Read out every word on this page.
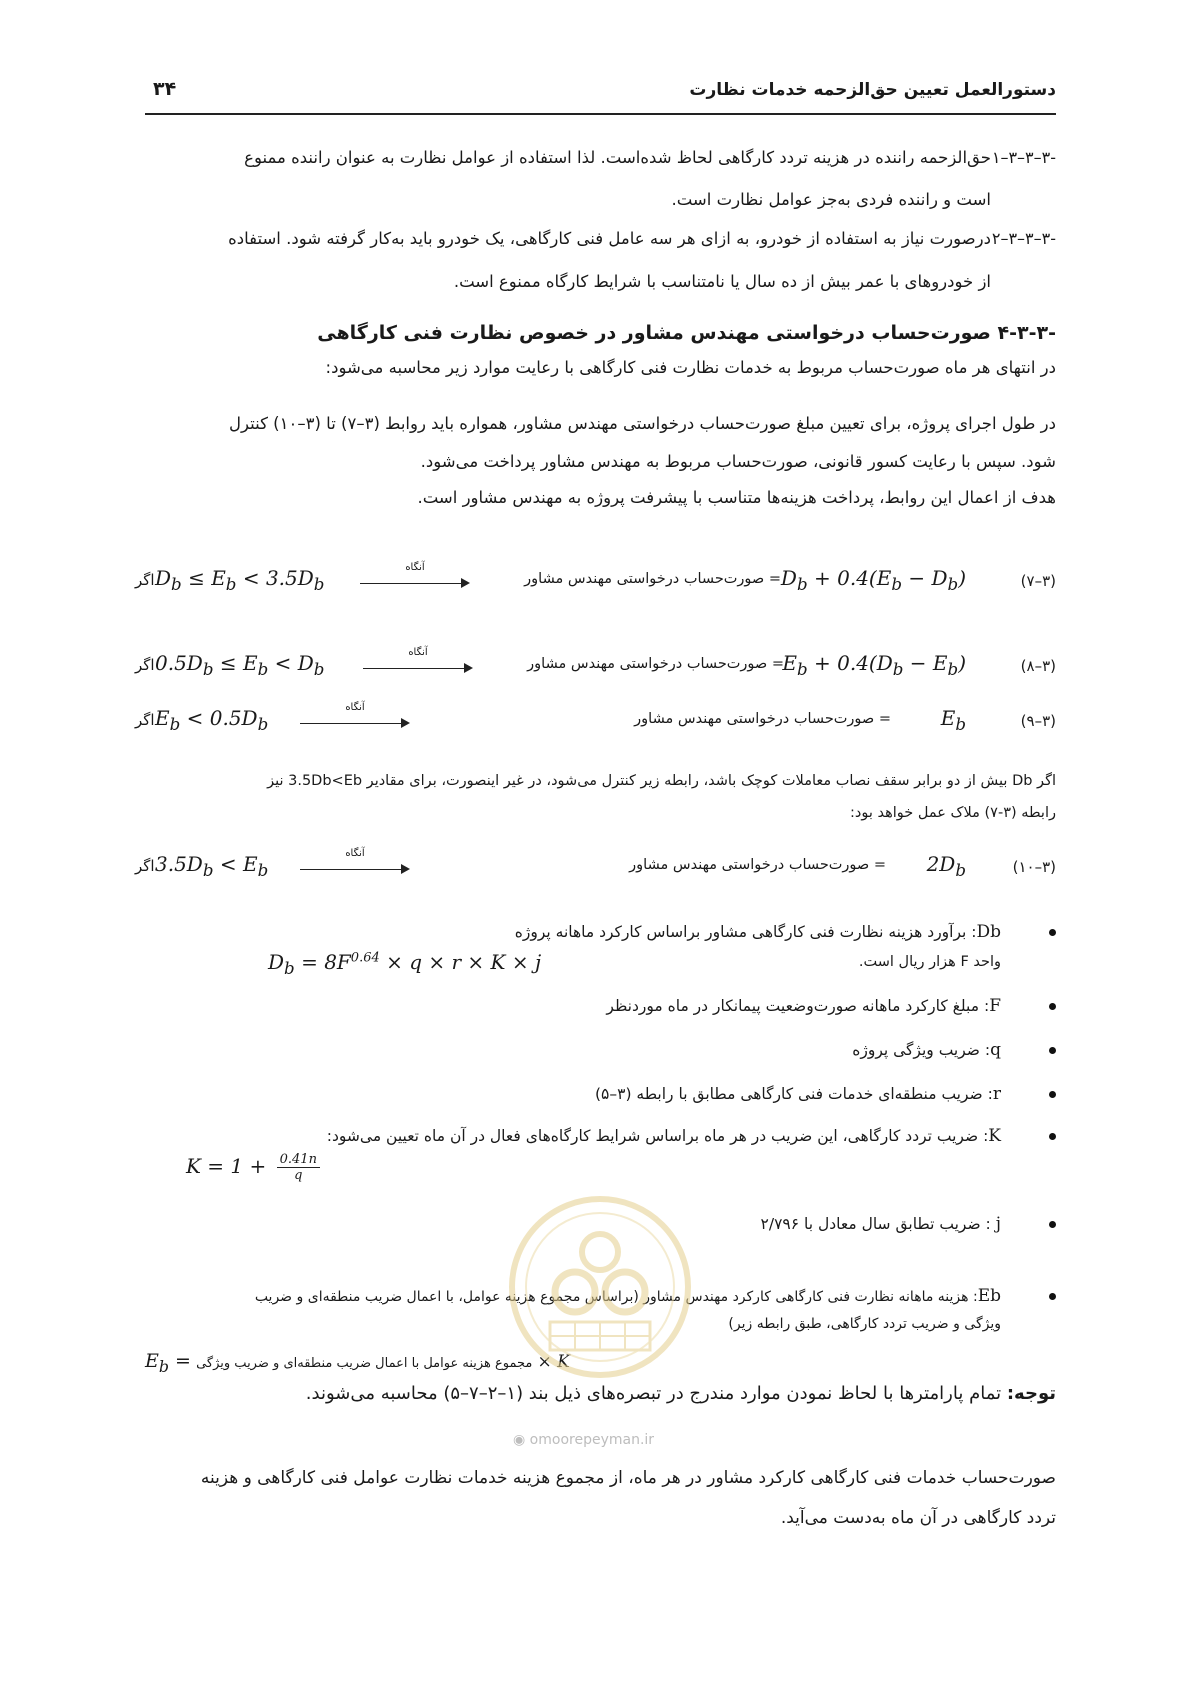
دستورالعمل تعیین حق‌الزحمه خدمات نظارت
۳۴
۱–۳–۳–۳-
حق‌الزحمه راننده در هزینه تردد کارگاهی لحاظ شده‌است. لذا استفاده از عوامل نظارت به عنوان راننده ممنوع
است و راننده فردی به‌جز عوامل نظارت است.
۲–۳–۳–۳-
درصورت نیاز به استفاده از خودرو، به ازای هر سه عامل فنی کارگاهی، یک خودرو باید به‌کار گرفته شود. استفاده
از خودروهای با عمر بیش از ده سال یا نامتناسب با شرایط کارگاه ممنوع است.
۴-۳-۳- صورت‌حساب درخواستی مهندس مشاور در خصوص نظارت فنی کارگاهی
در انتهای هر ماه صورت‌حساب مربوط به خدمات نظارت فنی کارگاهی با رعایت موارد زیر محاسبه می‌شود:
در طول اجرای پروژه، برای تعیین مبلغ صورت‌حساب درخواستی مهندس مشاور، همواره باید روابط (۳–۷) تا (۳–۱۰) کنترل
شود. سپس با رعایت کسور قانونی، صورت‌حساب مربوط به مهندس مشاور پرداخت می‌شود.
هدف از اعمال این روابط، پرداخت هزینه‌ها متناسب با پیشرفت پروژه به مهندس مشاور است.
(۳–۷)
$D_b + 0.4(E_b - D_b)$
= صورت‌حساب درخواستی مهندس مشاور
آنگاه
$D_b \le E_b < 3.5D_b$
اگر
(۳–۸)
$E_b + 0.4(D_b - E_b)$
= صورت‌حساب درخواستی مهندس مشاور
آنگاه
$0.5D_b \le E_b < D_b$
اگر
(۳–۹)
$E_b$
= صورت‌حساب درخواستی مهندس مشاور
آنگاه
$E_b < 0.5D_b$
اگر
اگر Db بیش از دو برابر سقف نصاب معاملات کوچک باشد، رابطه زیر کنترل می‌شود، در غیر اینصورت، برای مقادیر 3.5Db<Eb نیز
رابطه (۳-۷) ملاک عمل خواهد بود:
(۳–۱۰)
$2D_b$
= صورت‌حساب درخواستی مهندس مشاور
آنگاه
$3.5D_b < E_b$
اگر
Db: برآورد هزینه نظارت فنی کارگاهی مشاور براساس کارکرد ماهانه پروژه
$D_b = 8F^{0.64} \times q \times r \times K \times j$	واحد F هزار ریال است.
F: مبلغ کارکرد ماهانه صورت‌وضعیت پیمانکار در ماه موردنظر
q: ضریب ویژگی پروژه
r: ضریب منطقه‌ای خدمات فنی کارگاهی مطابق با رابطه (۳–۵)
K: ضریب تردد کارگاهی، این ضریب در هر ماه براساس شرایط کارگاه‌های فعال در آن ماه تعیین می‌شود:
$K = 1 + \frac{0.41n}{q}$
j : ضریب تطابق سال معادل با ۲/۷۹۶
Eb: هزینه ماهانه نظارت فنی کارگاهی کارکرد مهندس مشاور (براساس مجموع هزینه عوامل، با اعمال ضریب منطقه‌ای و ضریب
ویژگی و ضریب تردد کارگاهی، طبق رابطه زیر)
$E_b$ = مجموع هزینه عوامل با اعمال ضریب منطقه‌ای و ضریب ویژگی × K
توجه: تمام پارامترها با لحاظ نمودن موارد مندرج در تبصره‌های ذیل بند (۱–۲–۷–۵) محاسبه می‌شوند.
صورت‌حساب خدمات فنی کارگاهی کارکرد مشاور در هر ماه، از مجموع هزینه خدمات نظارت عوامل فنی کارگاهی و هزینه
تردد کارگاهی در آن ماه به‌دست می‌آید.
◉ omoorepeyman.ir
